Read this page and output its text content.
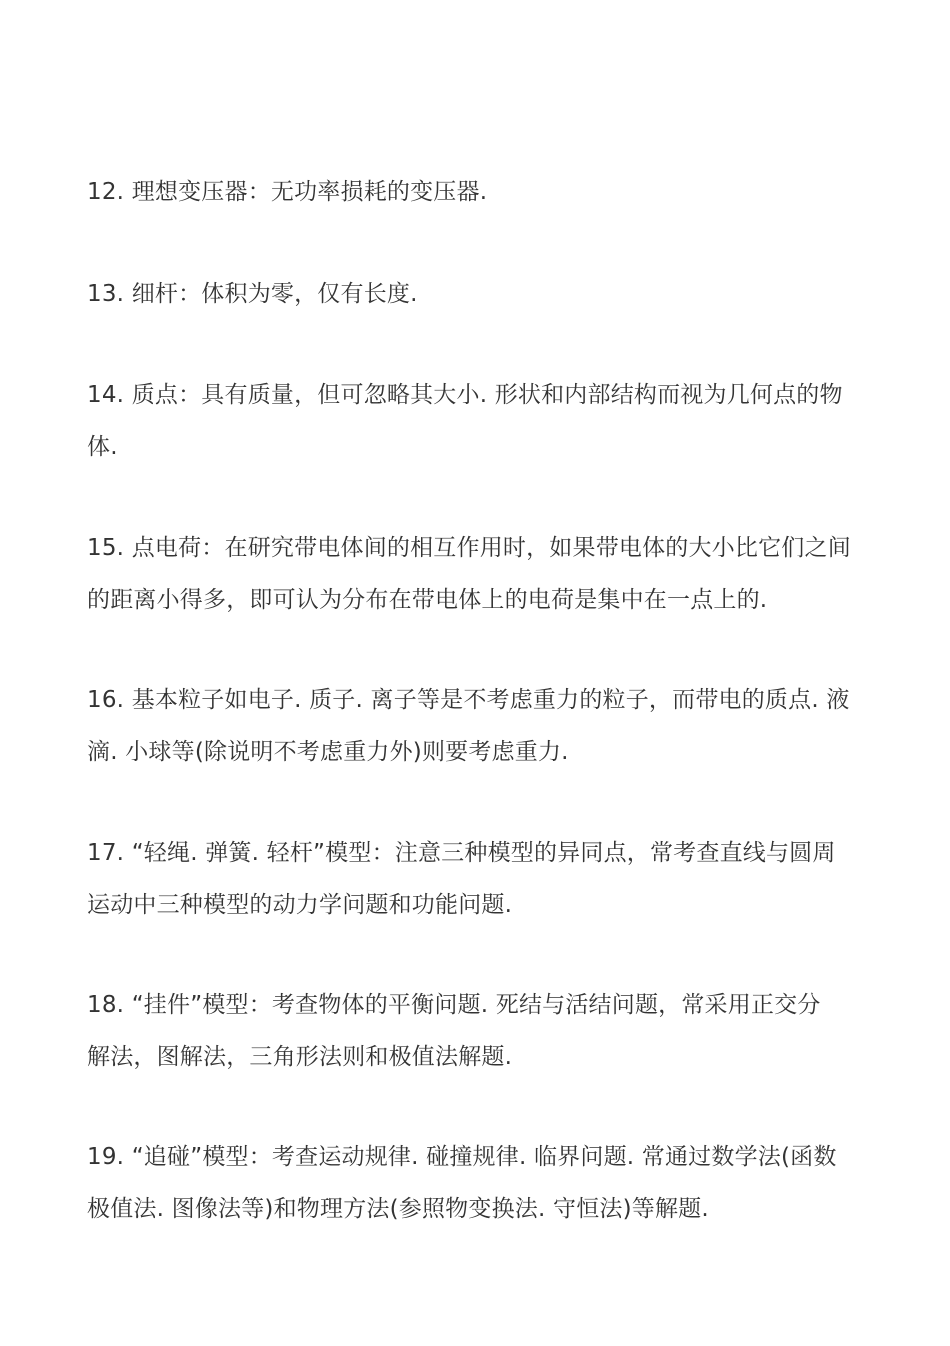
12. 理想变压器：无功率损耗的变压器.
13. 细杆：体积为零，仅有长度.
14. 质点：具有质量，但可忽略其大小. 形状和内部结构而视为几何点的物
体.
15. 点电荷：在研究带电体间的相互作用时，如果带电体的大小比它们之间
的距离小得多，即可认为分布在带电体上的电荷是集中在一点上的.
16. 基本粒子如电子. 质子. 离子等是不考虑重力的粒子，而带电的质点. 液
滴. 小球等(除说明不考虑重力外)则要考虑重力.
17. “轻绳. 弹簧. 轻杆”模型：注意三种模型的异同点，常考查直线与圆周
运动中三种模型的动力学问题和功能问题.
18. “挂件”模型：考查物体的平衡问题. 死结与活结问题，常采用正交分
解法，图解法，三角形法则和极值法解题.
19. “追碰”模型：考查运动规律. 碰撞规律. 临界问题. 常通过数学法(函数
极值法. 图像法等)和物理方法(参照物变换法. 守恒法)等解题.
